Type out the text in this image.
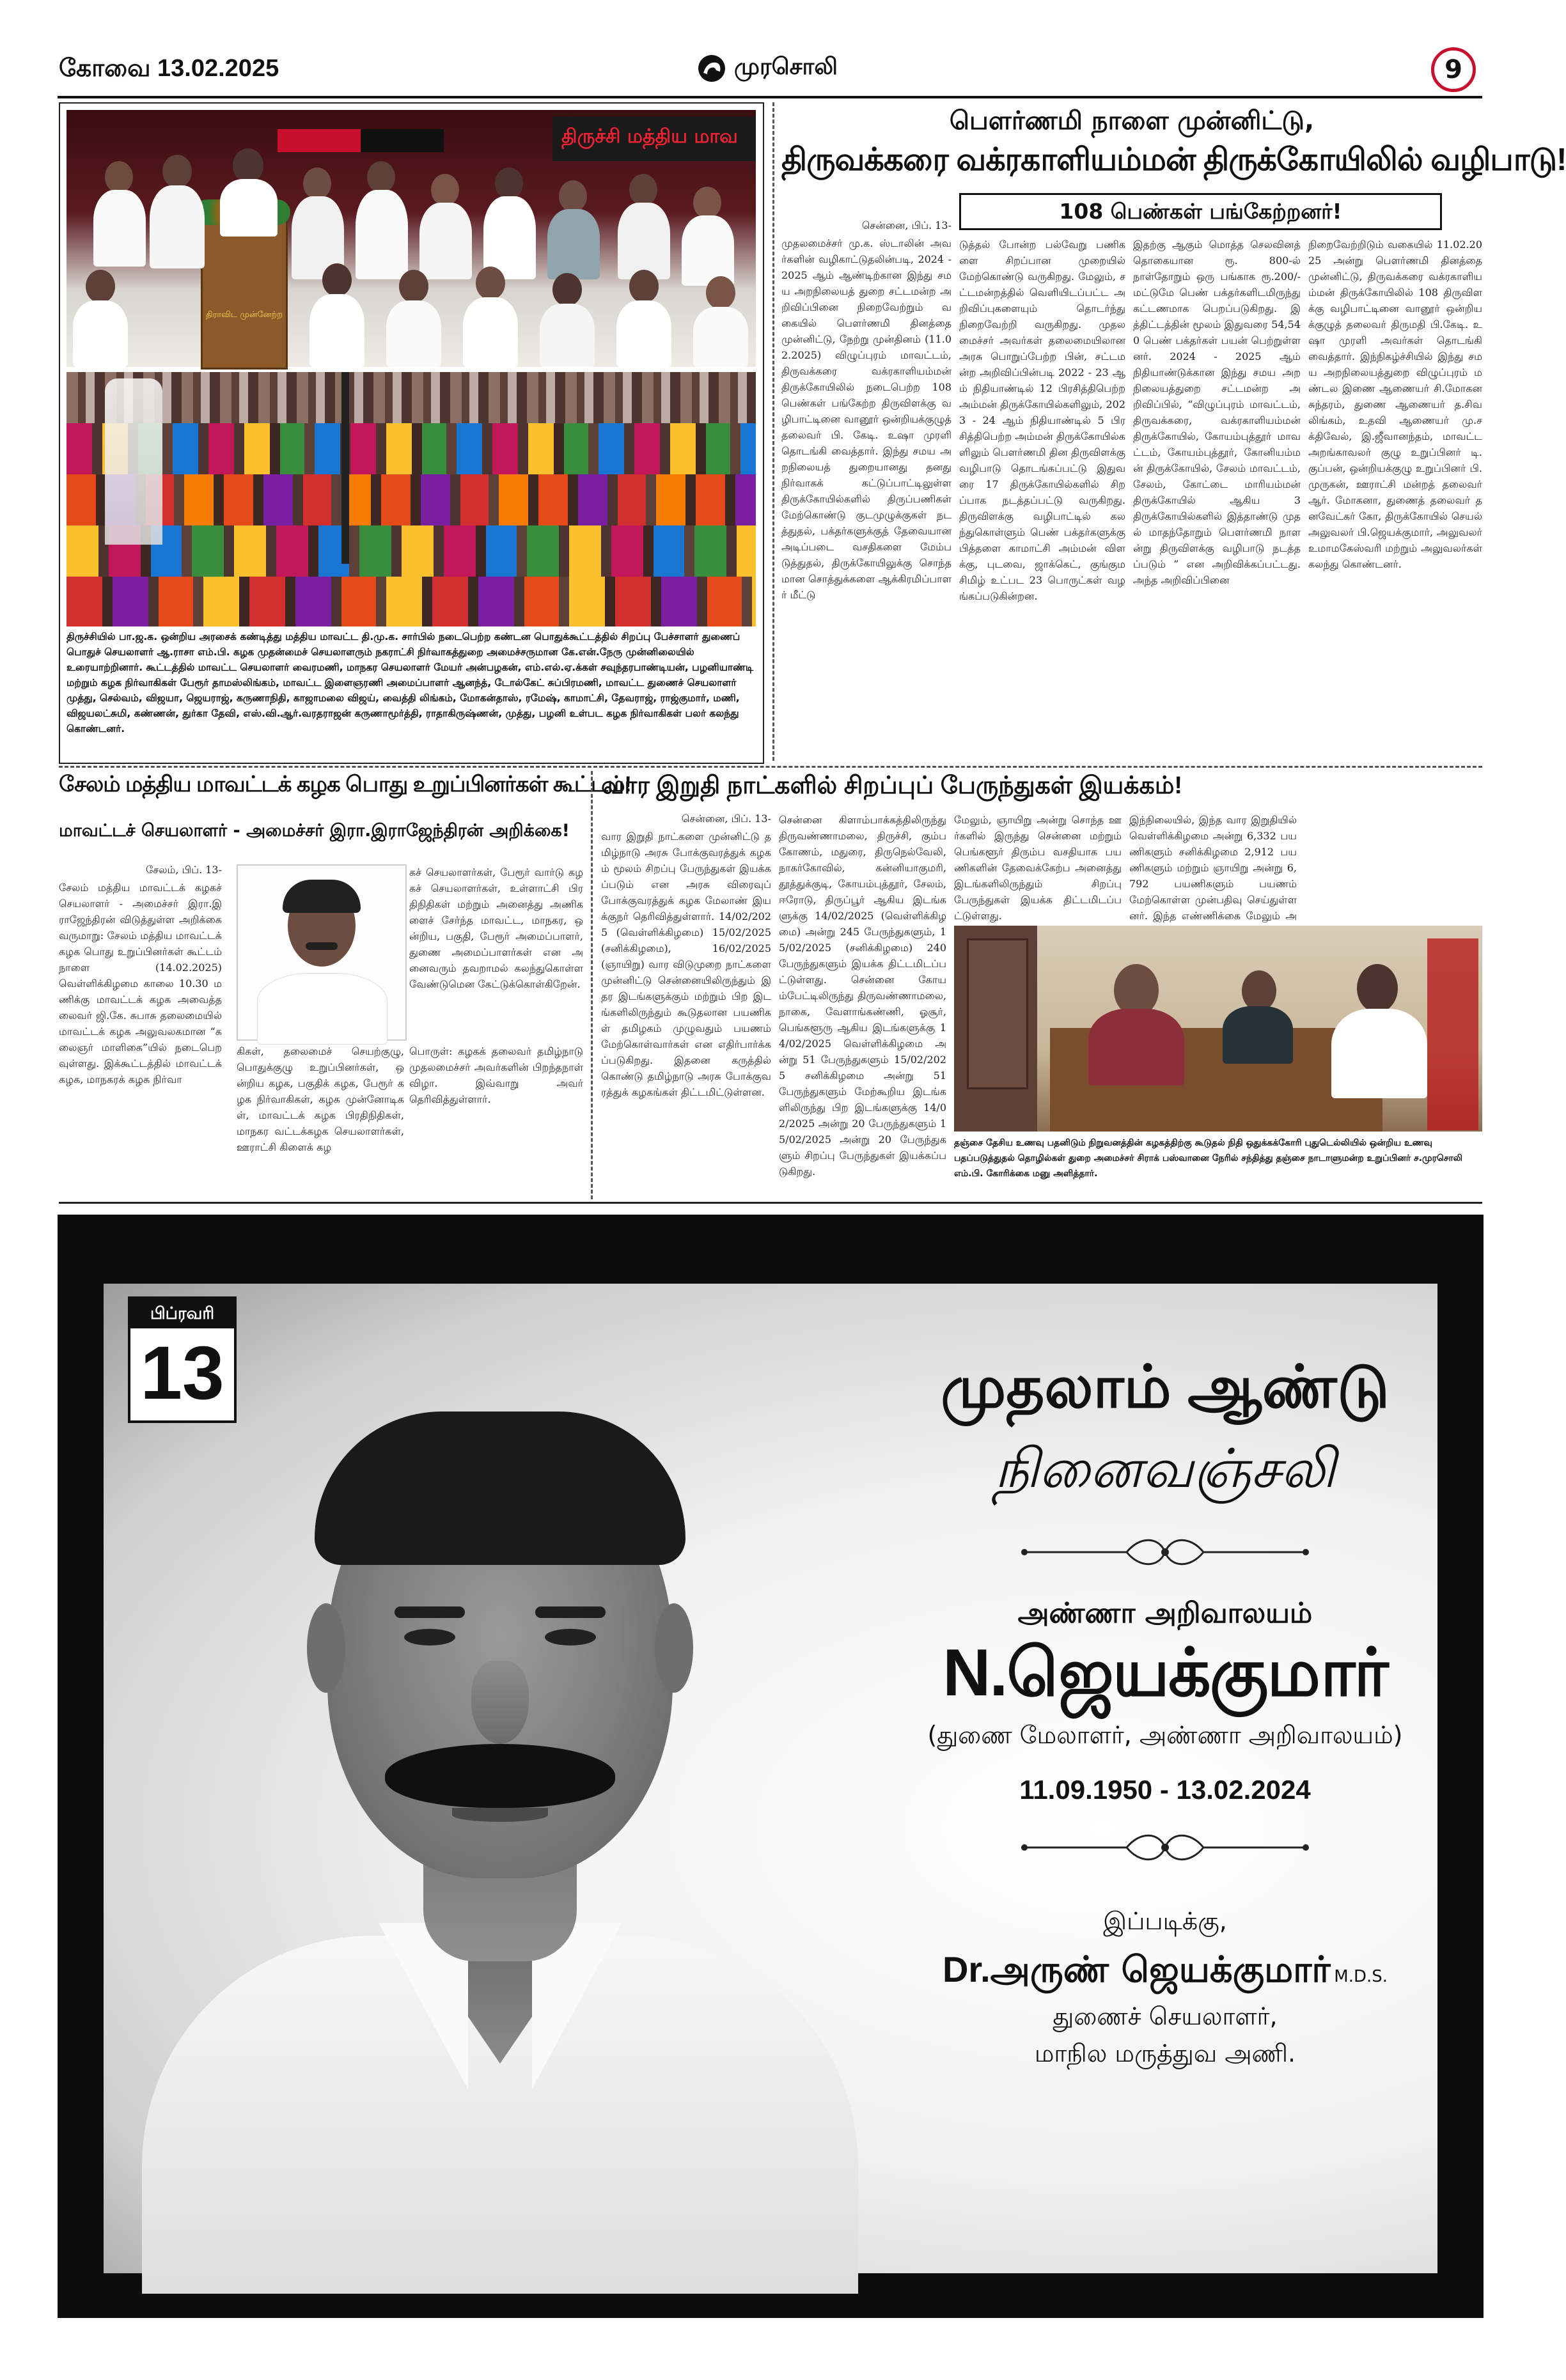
கோவை 13.02.2025	முரசொலி	9
திருச்சி மத்திய மாவ
திராவிட முன்னேற்ற
திருச்சியில் பா.ஜ.க. ஒன்றிய அரசைக் கண்டித்து மத்திய மாவட்ட தி.மு.க. சார்பில் நடைபெற்ற கண்டன பொதுக்கூட்டத்தில் சிறப்பு பேச்சாளர் துணைப் பொதுச் செயலாளர் ஆ.ராசா எம்.பி. கழக முதன்மைச் செயலாளரும் நகராட்சி நிர்வாகத்துறை அமைச்சருமான கே.என்.நேரு முன்னிலையில் உரையாற்றினார். கூட்டத்தில் மாவட்ட செயலாளர் வைரமணி, மாநகர செயலாளர் மேயர் அன்பழகன், எம்.எல்.ஏ.க்கள் சவுந்தரபாண்டியன், பழனியாண்டி மற்றும் கழக நிர்வாகிகள் பேரூர் தாமஸ்லிங்கம், மாவட்ட இளைஞரணி அமைப்பாளர் ஆனந்த், டோல்கேட் சுப்பிரமணி, மாவட்ட துணைச் செயலாளர் முத்து, செல்வம், விஜயா, ஜெயராஜ், கருணாநிதி, காஜாமலை விஜய், வைத்தி லிங்கம், மோகன்தாஸ், ரமேஷ், காமாட்சி, தேவராஜ், ராஜ்குமார், மணி, விஜயலட்சுமி, கண்ணன், துர்கா தேவி, எஸ்.வி.ஆர்.வரதராஜன் கருணாமூர்த்தி, ராதாகிருஷ்ணன், முத்து, பழனி உள்பட கழக நிர்வாகிகள் பலர் கலந்து கொண்டனர்.
பௌர்ணமி நாளை முன்னிட்டு,
திருவக்கரை வக்ரகாளியம்மன் திருக்கோயிலில் வழிபாடு!
108 பெண்கள் பங்கேற்றனர்!
சென்னை, பிப். 13-
முதலமைச்சர் மு.க. ஸ்டாலின் அவர்களின் வழிகாட்டுதலின்படி, 2024 - 2025 ஆம் ஆண்டிற்கான இந்து சமய அறநிலையத் துறை சட்டமன்ற அறிவிப்பினை நிறைவேற்றும் வகையில் பௌர்ணமி தினத்தை முன்னிட்டு, நேற்று முன்தினம் (11.02.2025) விழுப்புரம் மாவட்டம், திருவக்கரை வக்ரகாளியம்மன் திருக்கோயிலில் நடைபெற்ற 108 பெண்கள் பங்கேற்ற திருவிளக்கு வழிபாட்டினை வானூர் ஒன்றியக்குழுத் தலைவர் பி. கேடி. உஷா முரளி தொடங்கி வைத்தார். இந்து சமய அறநிலையத் துறையானது தனது நிர்வாகக் கட்டுப்பாட்டிலுள்ள திருக்கோயில்களில் திருப்பணிகள் மேற்கொண்டு குடமுழுக்குகள் நடத்துதல், பக்தர்களுக்குத் தேவையான அடிப்படை வசதிகளை மேம்படுத்துதல், திருக்கோயிலுக்கு சொந்தமான சொத்துக்களை ஆக்கிரமிப்பாளர் மீட்டு
டுத்தல் போன்ற பல்வேறு பணிகளை சிறப்பான முறையில் மேற்கொண்டு வருகிறது. மேலும், சட்டமன்றத்தில் வெளியிடப்பட்ட அறிவிப்புகளையும் தொடர்ந்து நிறைவேற்றி வருகிறது. முதலமைச்சர் அவர்கள் தலைமையிலான அரசு பொறுப்பேற்ற பின், சட்டமன்ற அறிவிப்பின்படி 2022 - 23 ஆம் நிதியாண்டில் 12 பிரசித்திபெற்ற அம்மன் திருக்கோயில்களிலும், 2023 - 24 ஆம் நிதியாண்டில் 5 பிரசித்திபெற்ற அம்மன் திருக்கோயில்களிலும் பௌர்ணமி தின திருவிளக்கு வழிபாடு தொடங்கப்பட்டு இதுவரை 17 திருக்கோயில்களில் சிறப்பாக நடத்தப்பட்டு வருகிறது. திருவிளக்கு வழிபாட்டில் கலந்துகொள்ளும் பெண் பக்தர்களுக்கு பித்தளை காமாட்சி அம்மன் விளக்கு, புடவை, ஜாக்கெட், குங்குமசிமிழ் உட்பட 23 பொருட்கள் வழங்கப்படுகின்றன.
இதற்கு ஆகும் மொத்த செலவினத் தொகையான ரூ. 800-ல் நாள்தோறும் ஒரு பங்காக ரூ.200/- மட்டுமே பெண் பக்தர்களிடமிருந்து கட்டணமாக பெறப்படுகிறது. இத்திட்டத்தின் மூலம் இதுவரை 54,540 பெண் பக்தர்கள் பயன் பெற்றுள்ளனர். 2024 - 2025 ஆம் நிதியாண்டுக்கான இந்து சமய அறநிலையத்துறை சட்டமன்ற அறிவிப்பில், “விழுப்புரம் மாவட்டம், திருவக்கரை, வக்ரகாளியம்மன் திருக்கோயில், கோயம்புத்தூர் மாவட்டம், கோயம்புத்தூர், கோனியம்மன் திருக்கோயில், சேலம் மாவட்டம், சேலம், கோட்டை மாரியம்மன் திருக்கோயில் ஆகிய 3 திருக்கோயில்களில் இத்தாண்டு முதல் மாதந்தோறும் பௌர்ணமி நாளன்று திருவிளக்கு வழிபாடு நடத்தப்படும் ” என அறிவிக்கப்பட்டது. அந்த அறிவிப்பினை
நிறைவேற்றிடும் வகையில் 11.02.2025 அன்று பௌர்ணமி தினத்தை முன்னிட்டு, திருவக்கரை வக்ரகாளியம்மன் திருக்கோயிலில் 108 திருவிளக்கு வழிபாட்டினை வானூர் ஒன்றியக்குழுத் தலைவர் திருமதி பி.கேடி. உஷா முரளி அவர்கள் தொடங்கி வைத்தார். இந்நிகழ்ச்சியில் இந்து சமய அறநிலையத்துறை விழுப்புரம் மண்டல இணை ஆணையர் சி.மோகனசுந்தரம், துணை ஆணையர் த.சிவலிங்கம், உதவி ஆணையர் மு.சக்திவேல், இ.ஜீவானந்தம், மாவட்ட அறங்காவலர் குழு உறுப்பினர் டி.குப்பன், ஒன்றியக்குழு உறுப்பினர் பி. முருகன், ஊராட்சி மன்றத் தலைவர் ஆர். மோகனா, துணைத் தலைவர் தனவேட்கர் கோ, திருக்கோயில் செயல் அலுவலர் பி.ஜெயக்குமார், அலுவலர் உமாமகேஸ்வரி மற்றும் அலுவலர்கள் கலந்து கொண்டனர்.
சேலம் மத்திய மாவட்டக் கழக பொது உறுப்பினர்கள் கூட்டம்!
மாவட்டச் செயலாளர் - அமைச்சர் இரா.இராஜேந்திரன் அறிக்கை!
சேலம், பிப். 13-
சேலம் மத்திய மாவட்டக் கழகச் செயலாளர் - அமைச்சர் இரா.இராஜேந்திரன் விடுத்துள்ள அறிக்கை வருமாறு: சேலம் மத்திய மாவட்டக் கழக பொது உறுப்பினர்கள் கூட்டம் நாளை (14.02.2025) வெள்ளிக்கிழமை காலை 10.30 மணிக்கு மாவட்டக் கழக அவைத்தலைவர் ஜி.கே. சுபாசு தலைமையில் மாவட்டக் கழக அலுவலகமான “கலைஞர் மாளிகை”யில் நடைபெறவுள்ளது. இக்கூட்டத்தில் மாவட்டக் கழக, மாநகரக் கழக நிர்வா
கச் செயலாளர்கள், பேரூர் வார்டு கழகச் செயலாளர்கள், உள்ளாட்சி பிரதிநிதிகள் மற்றும் அனைத்து அணிகளைச் சேர்ந்த மாவட்ட, மாநகர, ஒன்றிய, பகுதி, பேரூர் அமைப்பாளர், துணை அமைப்பாளர்கள் என அனைவரும் தவறாமல் கலந்துகொள்ள வேண்டுமென கேட்டுக்கொள்கிறேன்.
கிகள், தலைமைச் செயற்குழு, பொதுக்குழு உறுப்பினர்கள், ஒன்றிய கழக, பகுதிக் கழக, பேரூர் கழக நிர்வாகிகள், கழக முன்னோடிகள், மாவட்டக் கழக பிரதிநிதிகள், மாநகர வட்டக்கழக செயலாளர்கள், ஊராட்சி கிளைக் கழ
பொருள்: கழகக் தலைவர் தமிழ்நாடு முதலமைச்சர் அவர்களின் பிறந்தநாள் விழா. இவ்வாறு அவர் தெரிவித்துள்ளார்.
வார இறுதி நாட்களில் சிறப்புப் பேருந்துகள் இயக்கம்!
சென்னை, பிப். 13-
வார இறுதி நாட்களை முன்னிட்டு தமிழ்நாடு அரசு போக்குவரத்துக் கழகம் மூலம் சிறப்பு பேருந்துகள் இயக்கப்படும் என அரசு விரைவுப் போக்குவரத்துக் கழக மேலாண் இயக்குநர் தெரிவித்துள்ளார். 14/02/2025 (வெள்ளிக்கிழமை) 15/02/2025 (சனிக்கிழமை), 16/02/2025 (ஞாயிறு) வார விடுமுறை நாட்களை முன்னிட்டு சென்னையிலிருந்தும் இதர இடங்களுக்கும் மற்றும் பிற இடங்களிலிருந்தும் கூடுதலான பயணிகள் தமிழகம் முழுவதும் பயணம் மேற்கொள்வார்கள் என எதிர்பார்க்கப்படுகிறது. இதனை கருத்தில் கொண்டு தமிழ்நாடு அரசு போக்குவரத்துக் கழகங்கள் திட்டமிட்டுள்ளன.
சென்னை கிளாம்பாக்கத்திலிருந்து திருவண்ணாமலை, திருச்சி, கும்பகோணம், மதுரை, திருநெல்வேலி, நாகர்கோவில், கன்னியாகுமரி, தூத்துக்குடி, கோயம்புத்தூர், சேலம், ஈரோடு, திருப்பூர் ஆகிய இடங்களுக்கு 14/02/2025 (வெள்ளிக்கிழமை) அன்று 245 பேருந்துகளும், 15/02/2025 (சனிக்கிழமை) 240 பேருந்துகளும் இயக்க திட்டமிடப்பட்டுள்ளது. சென்னை கோயம்பேட்டிலிருந்து திருவண்ணாமலை, நாகை, வேளாங்கண்ணி, ஓசூர், பெங்களூரு ஆகிய இடங்களுக்கு 14/02/2025 வெள்ளிக்கிழமை அன்று 51 பேருந்துகளும் 15/02/2025 சனிக்கிழமை அன்று 51 பேருந்துகளும் மேற்கூறிய இடங்களிலிருந்து பிற இடங்களுக்கு 14/02/2025 அன்று 20 பேருந்துகளும் 15/02/2025 அன்று 20 பேருந்துகளும் சிறப்பு பேருந்துகள் இயக்கப்படுகிறது.
மேலும், ஞாயிறு அன்று சொந்த ஊர்களில் இருந்து சென்னை மற்றும் பெங்களூர் திரும்ப வசதியாக பயணிகளின் தேவைக்கேற்ப அனைத்து இடங்களிலிருந்தும் சிறப்பு பேருந்துகள் இயக்க திட்டமிடப்பட்டுள்ளது.
இந்நிலையில், இந்த வார இறுதியில் வெள்ளிக்கிழமை அன்று 6,332 பயணிகளும் சனிக்கிழமை 2,912 பயணிகளும் மற்றும் ஞாயிறு அன்று 6,792 பயணிகளும் பயணம் மேற்கொள்ள முன்பதிவு செய்துள்ளனர். இந்த எண்ணிக்கை மேலும் அ
தஞ்சை தேசிய உணவு பதனிடும் நிறுவனத்தின் கழகத்திற்கு கூடுதல் நிதி ஒதுக்கக்கோரி புதுடெல்லியில் ஒன்றிய உணவு பதப்படுத்துதல் தொழில்கள் துறை அமைச்சர் சிராக் பஸ்வானை நேரில் சந்தித்து தஞ்சை நாடாளுமன்ற உறுப்பினர் ச.முரசொலி எம்.பி. கோரிக்கை மனு அளித்தார்.
பிப்ரவரி
13	முதலாம் ஆண்டு
நினைவஞ்சலி
அண்ணா அறிவாலயம்
N.ஜெயக்குமார்
(துணை மேலாளர், அண்ணா அறிவாலயம்)
11.09.1950 - 13.02.2024
இப்படிக்கு,
Dr.அருண் ஜெயக்குமார் M.D.S.
துணைச் செயலாளர்,
மாநில மருத்துவ அணி.
